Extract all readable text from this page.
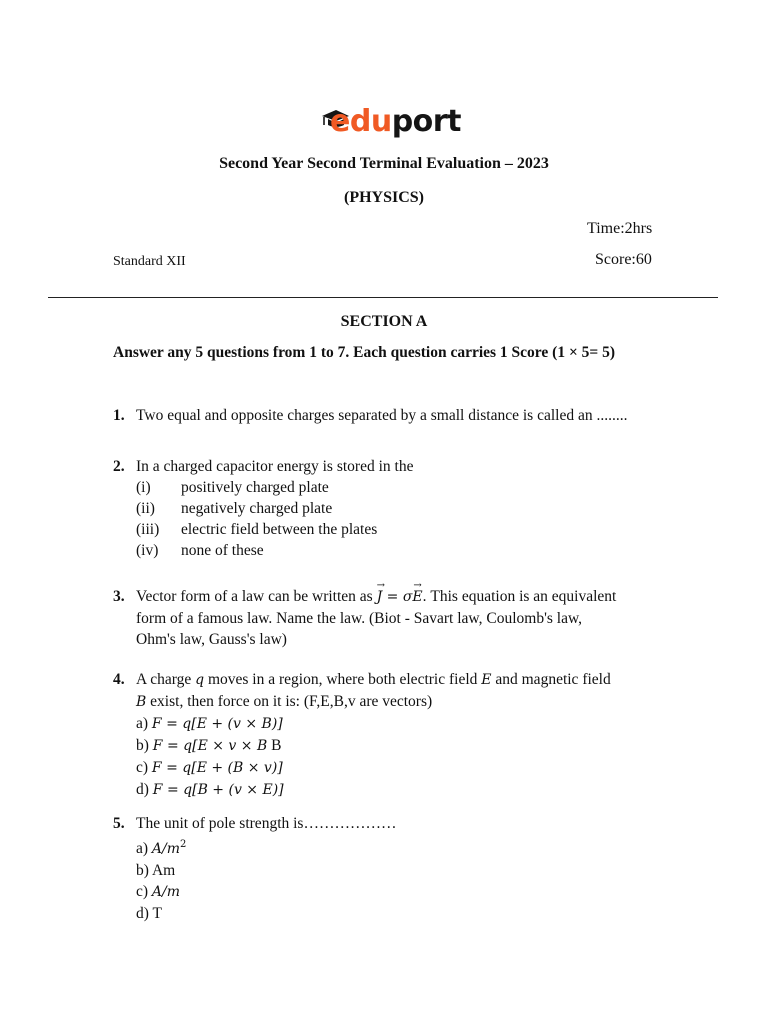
eduport
Second Year Second Terminal Evaluation – 2023
(PHYSICS)
Time:2hrs
Standard XII	Score:60
SECTION A
Answer any 5 questions from 1 to 7. Each question carries 1 Score (1 × 5= 5)
1. Two equal and opposite charges separated by a small distance is called an ........
2. In a charged capacitor energy is stored in the
(i)	positively charged plate
(ii)	negatively charged plate
(iii)	electric field between the plates
(iv)	none of these
3. Vector form of a law can be written as → J = σ→ E. This equation is an equivalent
form of a famous law. Name the law. (Biot - Savart law, Coulomb's law,
Ohm's law, Gauss's law)
4. A charge q moves in a region, where both electric field E and magnetic field
B exist, then force on it is: (F,E,B,v are vectors)
a) F = q[E + (v × B)]
b) F = q[E × v × B B
c) F = q[E + (B × v)]
d) F = q[B + (v × E)]
5. The unit of pole strength is………………
a) $A/m^2$
b) Am
c) A/m
d) T
